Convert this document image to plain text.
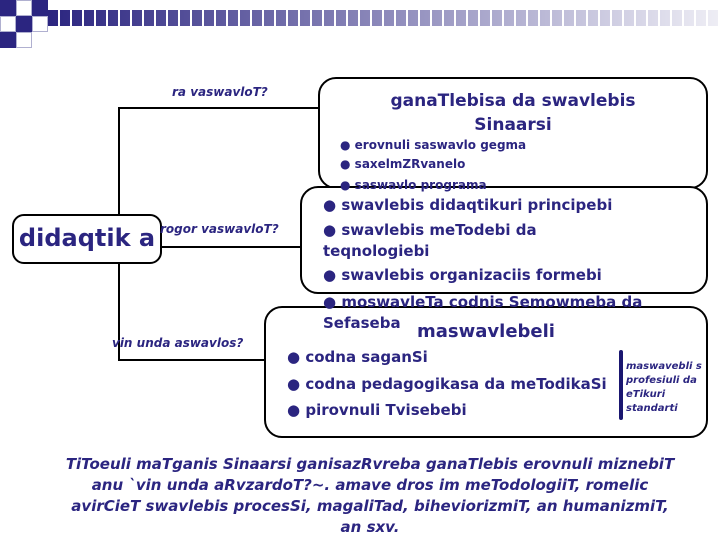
didaqtik a
ra vaswavloT?
rogor vaswavloT?
vin unda aswavlos?
ganaTlebisa da swavlebis Sinaarsi
● erovnuli saswavlo gegma
● saxelmZRvanelo
● saswavlo programa
● swavlebis didaqtikuri principebi
● swavlebis meTodebi da teqnologiebi
● swavlebis organizaciis formebi
maswavlebeli
● moswavleTa codnis Semowmeba da Sefaseba
● codna saganSi
● codna pedagogikasa da meTodikaSi
● pirovnuli Tvisebebi
maswavebli s profesiuli da eTikuri standarti
TiToeuli maTganis Sinaarsi ganisazRvreba ganaTlebis erovnuli miznebiT anu `vin unda aRvzardoT?~. amave dros im meTodologiiT, romelic avirCieT swavlebis procesSi, magaliTad, biheviorizmiT, an humanizmiT, an sxv.
